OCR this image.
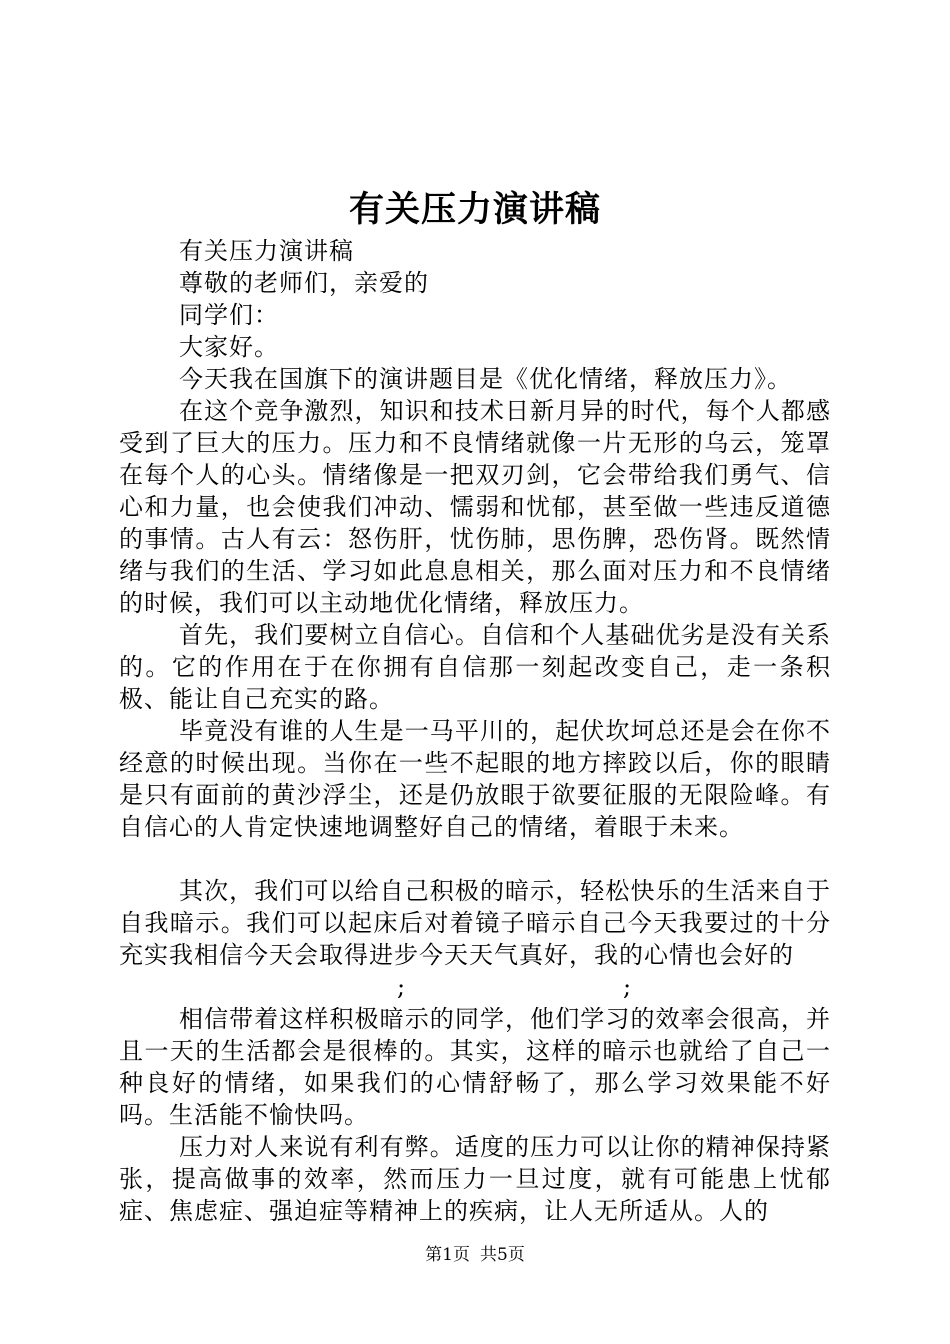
有关压力演讲稿

有关压力演讲稿

尊敬的老师们，亲爱的

同学们：

大家好。

今天我在国旗下的演讲题目是《优化情绪，释放压力》。

在这个竞争激烈，知识和技术日新月异的时代，每个人都感受到了巨大的压力。压力和不良情绪就像一片无形的乌云，笼罩在每个人的心头。情绪像是一把双刃剑，它会带给我们勇气、信心和力量，也会使我们冲动、懦弱和忧郁，甚至做一些违反道德的事情。古人有云：怒伤肝，忧伤肺，思伤脾，恐伤肾。既然情绪与我们的生活、学习如此息息相关，那么面对压力和不良情绪的时候，我们可以主动地优化情绪，释放压力。

首先，我们要树立自信心。自信和个人基础优劣是没有关系的。它的作用在于在你拥有自信那一刻起改变自己，走一条积极、能让自己充实的路。

毕竟没有谁的人生是一马平川的，起伏坎坷总还是会在你不经意的时候出现。当你在一些不起眼的地方摔跤以后，你的眼睛是只有面前的黄沙浮尘，还是仍放眼于欲要征服的无限险峰。有自信心的人肯定快速地调整好自己的情绪，着眼于未来。

其次，我们可以给自己积极的暗示，轻松快乐的生活来自于自我暗示。我们可以起床后对着镜子暗示自己今天我要过的十分充实我相信今天会取得进步今天天气真好，我的心情也会好的

;	;

相信带着这样积极暗示的同学，他们学习的效率会很高，并且一天的生活都会是很棒的。其实，这样的暗示也就给了自己一种良好的情绪，如果我们的心情舒畅了，那么学习效果能不好吗。生活能不愉快吗。

压力对人来说有利有弊。适度的压力可以让你的精神保持紧张，提高做事的效率，然而压力一旦过度，就有可能患上忧郁症、焦虑症、强迫症等精神上的疾病，让人无所适从。人的

第1页 共5页
